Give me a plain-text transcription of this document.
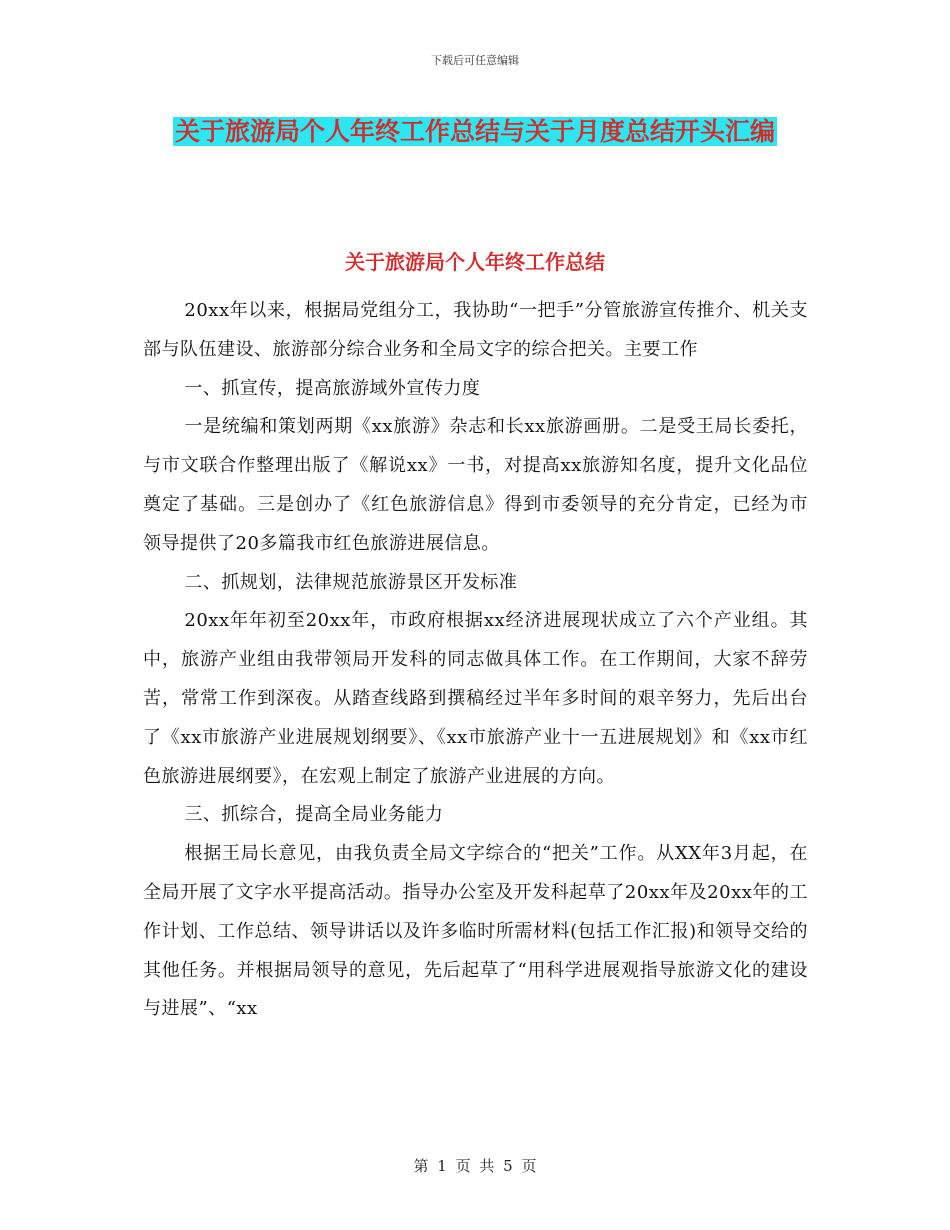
下载后可任意编辑
关于旅游局个人年终工作总结与关于月度总结开头汇编
关于旅游局个人年终工作总结

20xx年以来，根据局党组分工，我协助“一把手”分管旅游宣传推介、机关支部与队伍建设、旅游部分综合业务和全局文字的综合把关。主要工作

一、抓宣传，提高旅游域外宣传力度

一是统编和策划两期《xx旅游》杂志和长xx旅游画册。二是受王局长委托，与市文联合作整理出版了《解说xx》一书，对提高xx旅游知名度，提升文化品位奠定了基础。三是创办了《红色旅游信息》得到市委领导的充分肯定，已经为市领导提供了20多篇我市红色旅游进展信息。

二、抓规划，法律规范旅游景区开发标准

20xx年年初至20xx年，市政府根据xx经济进展现状成立了六个产业组。其中，旅游产业组由我带领局开发科的同志做具体工作。在工作期间，大家不辞劳苦，常常工作到深夜。从踏查线路到撰稿经过半年多时间的艰辛努力，先后出台了《xx市旅游产业进展规划纲要》、《xx市旅游产业十一五进展规划》和《xx市红色旅游进展纲要》，在宏观上制定了旅游产业进展的方向。

三、抓综合，提高全局业务能力

根据王局长意见，由我负责全局文字综合的“把关”工作。从XX年3月起，在全局开展了文字水平提高活动。指导办公室及开发科起草了20xx年及20xx年的工作计划、工作总结、领导讲话以及许多临时所需材料(包括工作汇报)和领导交给的其他任务。并根据局领导的意见，先后起草了“用科学进展观指导旅游文化的建设与进展”、“xx

第 1 页 共 5 页
